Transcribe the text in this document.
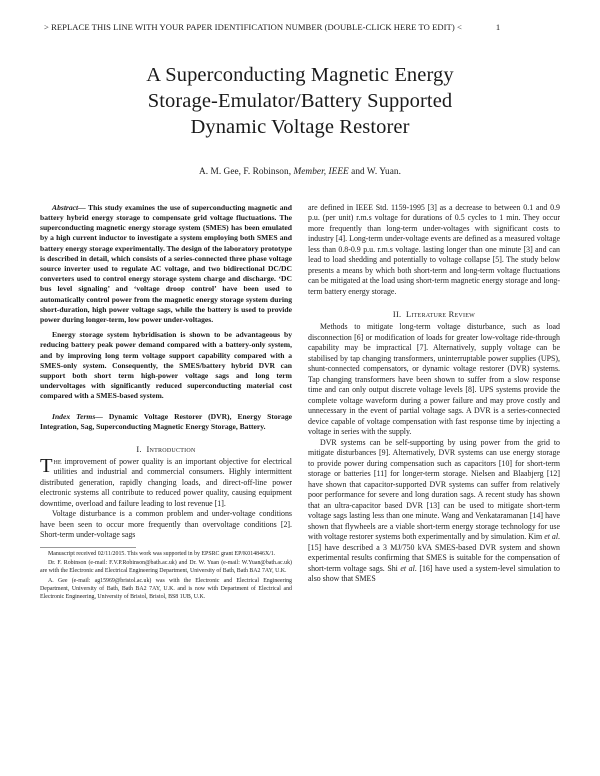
> REPLACE THIS LINE WITH YOUR PAPER IDENTIFICATION NUMBER (DOUBLE-CLICK HERE TO EDIT) <	1
A Superconducting Magnetic Energy
Storage-Emulator/Battery Supported
Dynamic Voltage Restorer
A. M. Gee, F. Robinson, Member, IEEE and W. Yuan.

Abstract— This study examines the use of superconducting magnetic and battery hybrid energy storage to compensate grid voltage fluctuations. The superconducting magnetic energy storage system (SMES) has been emulated by a high current inductor to investigate a system employing both SMES and battery energy storage experimentally. The design of the laboratory prototype is described in detail, which consists of a series-connected three phase voltage source inverter used to regulate AC voltage, and two bidirectional DC/DC converters used to control energy storage system charge and discharge. ‘DC bus level signaling’ and ‘voltage droop control’ have been used to automatically control power from the magnetic energy storage system during short-duration, high power voltage sags, while the battery is used to provide power during longer-term, low power under-voltages.

Energy storage system hybridisation is shown to be advantageous by reducing battery peak power demand compared with a battery-only system, and by improving long term voltage support capability compared with a SMES-only system. Consequently, the SMES/battery hybrid DVR can support both short term high-power voltage sags and long term undervoltages with significantly reduced superconducting material cost compared with a SMES-based system.

Index Terms— Dynamic Voltage Restorer (DVR), Energy Storage Integration, Sag, Superconducting Magnetic Energy Storage, Battery.

I. Introduction

The improvement of power quality is an important objective for electrical utilities and industrial and commercial consumers. Highly intermittent distributed generation, rapidly changing loads, and direct-off-line power electronic systems all contribute to reduced power quality, causing equipment downtime, overload and failure leading to lost revenue [1].

Voltage disturbance is a common problem and under-voltage conditions have been seen to occur more frequently than overvoltage conditions [2]. Short-term under-voltage sags

Manuscript received 02/11/2015. This work was supported in by EPSRC grant EP/K014846X/1.

Dr. F. Robinson (e-mail: F.V.P.Robinson@bath.ac.uk) and Dr. W. Yuan (e-mail: W.Yuan@bath.ac.uk) are with the Electronic and Electrical Engineering Department, University of Bath, Bath BA2 7AY, U.K.

A. Gee (e-mail: ag15969@bristol.ac.uk) was with the Electronic and Electrical Engineering Department, University of Bath, Bath BA2 7AY, U.K. and is now with Department of Electrical and Electronic Engineering, University of Bristol, Bristol, BS8 1UB, U.K.

are defined in IEEE Std. 1159-1995 [3] as a decrease to between 0.1 and 0.9 p.u. (per unit) r.m.s voltage for durations of 0.5 cycles to 1 min. They occur more frequently than long-term under-voltages with significant costs to industry [4]. Long-term under-voltage events are defined as a measured voltage less than 0.8-0.9 p.u. r.m.s voltage. lasting longer than one minute [3] and can lead to load shedding and potentially to voltage collapse [5]. The study below presents a means by which both short-term and long-term voltage fluctuations can be mitigated at the load using short-term magnetic energy storage and long-term battery energy storage.

II. Literature Review

Methods to mitigate long-term voltage disturbance, such as load disconnection [6] or modification of loads for greater low-voltage ride-through capability may be impractical [7]. Alternatively, supply voltage can be stabilised by tap changing transformers, uninterruptable power supplies (UPS), shunt-connected compensators, or dynamic voltage restorer (DVR) systems. Tap changing transformers have been shown to suffer from a slow response time and can only output discrete voltage levels [8]. UPS systems provide the complete voltage waveform during a power failure and may prove costly and unnecessary in the event of partial voltage sags. A DVR is a series-connected device capable of voltage compensation with fast response time by injecting a voltage in series with the supply.

DVR systems can be self-supporting by using power from the grid to mitigate disturbances [9]. Alternatively, DVR systems can use energy storage to provide power during compensation such as capacitors [10] for short-term storage or batteries [11] for longer-term storage. Nielsen and Blaabjerg [12] have shown that capacitor-supported DVR systems can suffer from relatively poor performance for severe and long duration sags. A recent study has shown that an ultra-capacitor based DVR [13] can be used to mitigate short-term voltage sags lasting less than one minute. Wang and Venkataramanan [14] have shown that flywheels are a viable short-term energy storage technology for use with voltage restorer systems both experimentally and by simulation. Kim et al. [15] have described a 3 MJ/750 kVA SMES-based DVR system and shown experimental results confirming that SMES is suitable for the compensation of short-term voltage sags. Shi et al. [16] have used a system-level simulation to also show that SMES
